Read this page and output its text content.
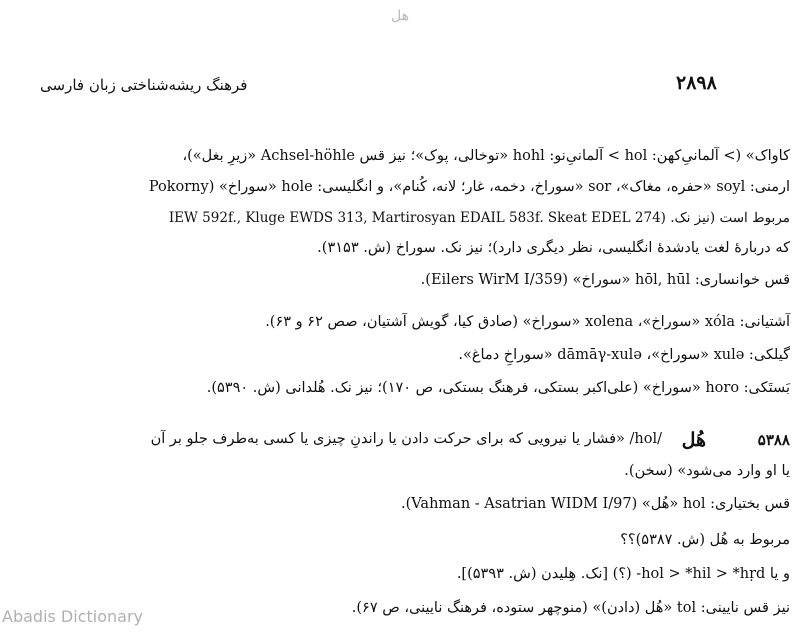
هل
۲۸۹۸
فرهنگ ریشه‌شناختی زبان فارسی
کاواک» (> آلمانیِ‌کهن: hol > آلمانیِ‌نو: hohl «توخالی، پوک»؛ نیز قس Achsel-höhle «زیرِ بغل»)،
ارمنی: soyl «حفره، مغاک»، sor «سوراخ، دخمه، غار؛ لانه، کُنام»، و انگلیسی: hole «سوراخ» (Pokorny
مربوط است (نیز نک. (IEW 592f., Kluge EWDS 313, Martirosyan EDAIL 583f. Skeat EDEL 274
که دربارهٔ لغت یادشدهٔ انگلیسی، نظر دیگری دارد)؛ نیز نک. سوراخ (ش. ۳۱۵۳).
قس خوانساری: hōl, hūl «سوراخ» (Eilers WirM I/359).
آشتیانی: xóla «سوراخ»، xolena «سوراخ» (صادق کیا، گویش آشتیان، صص ۶۲ و ۶۳).
گیلکی: xulə «سوراخ»، dāmāγ-xulə «سوراخِ دماغ».
بَستَکی: horo «سوراخ» (علی‌اکبر بستکی، فرهنگ بستکی، ص ۱۷۰)؛ نیز نک. هُلدانی (ش. ۵۳۹۰).
۵۳۸۸
هُل
/hol/ «فشار یا نیرویی که برای حرکت دادن یا راندنِ چیزی یا کسی به‌طرف جلو بر آن
یا او وارد می‌شود» (سخن).
قس بختیاری: hol «هُل» (Vahman - Asatrian WIDM I/97).
مربوط به هُل (ش. ۵۳۸۷)؟؟
و یا hol > *hil > *hṛd- (؟) [نک. هِلیدن (ش. ۵۳۹۳)].
نیز قس نایینی: tol «هُل (دادن)» (منوچهر ستوده، فرهنگ نایینی، ص ۶۷).
Abadis Dictionary
